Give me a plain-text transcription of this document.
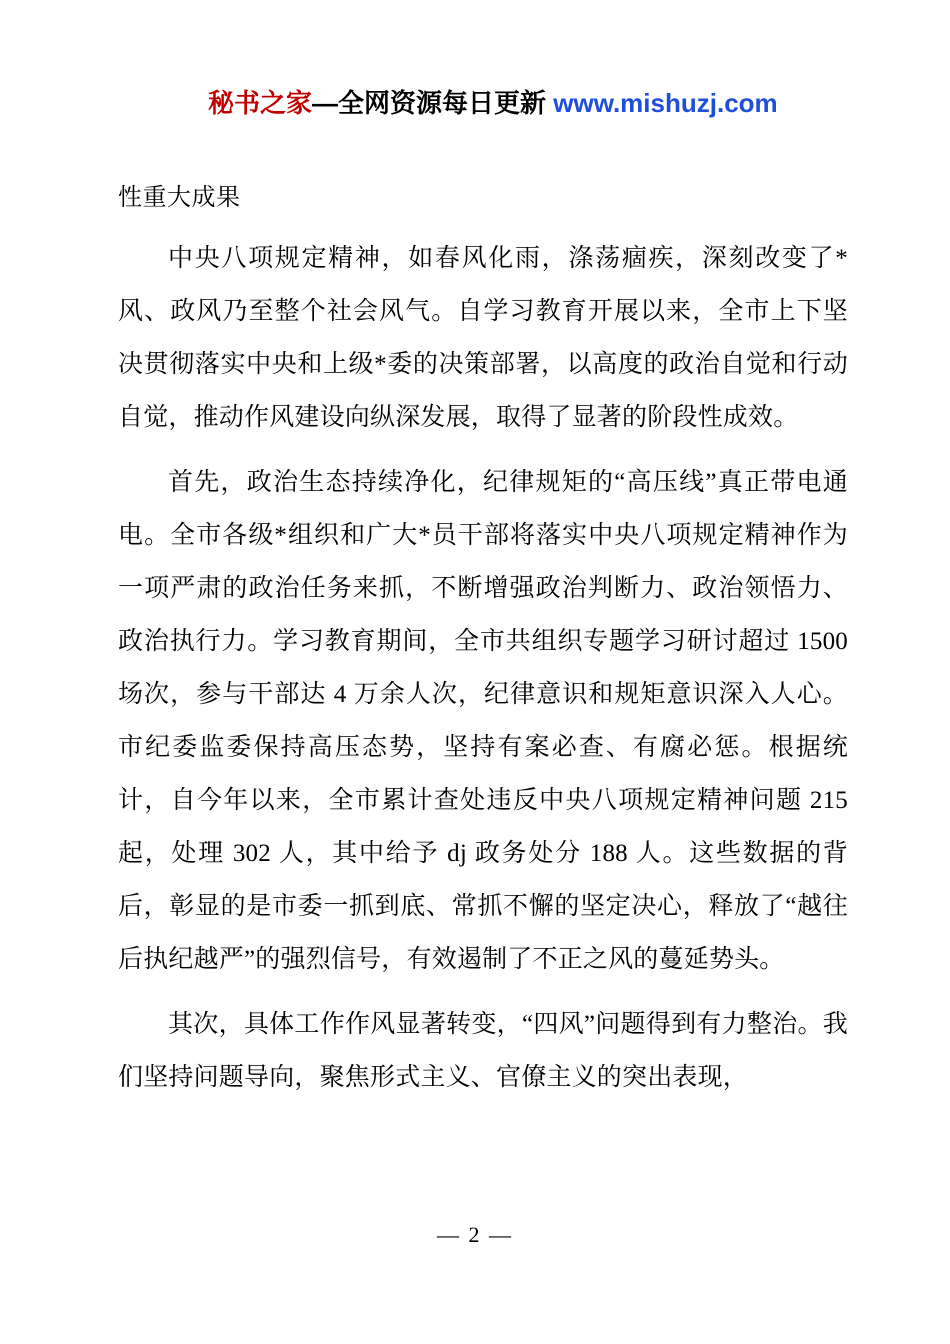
秘书之家—全网资源每日更新 www.mishuzj.com
性重大成果

中央八项规定精神，如春风化雨，涤荡痼疾，深刻改变了*风、政风乃至整个社会风气。自学习教育开展以来，全市上下坚决贯彻落实中央和上级*委的决策部署，以高度的政治自觉和行动自觉，推动作风建设向纵深发展，取得了显著的阶段性成效。

首先，政治生态持续净化，纪律规矩的“高压线”真正带电通电。全市各级*组织和广大*员干部将落实中央八项规定精神作为一项严肃的政治任务来抓，不断增强政治判断力、政治领悟力、政治执行力。学习教育期间，全市共组织专题学习研讨超过 1500 场次，参与干部达 4 万余人次，纪律意识和规矩意识深入人心。市纪委监委保持高压态势，坚持有案必查、有腐必惩。根据统计，自今年以来，全市累计查处违反中央八项规定精神问题 215 起，处理 302 人，其中给予 dj 政务处分 188 人。这些数据的背后，彰显的是市委一抓到底、常抓不懈的坚定决心，释放了“越往后执纪越严”的强烈信号，有效遏制了不正之风的蔓延势头。

其次，具体工作作风显著转变，“四风”问题得到有力整治。我们坚持问题导向，聚焦形式主义、官僚主义的突出表现，

— 2 —
